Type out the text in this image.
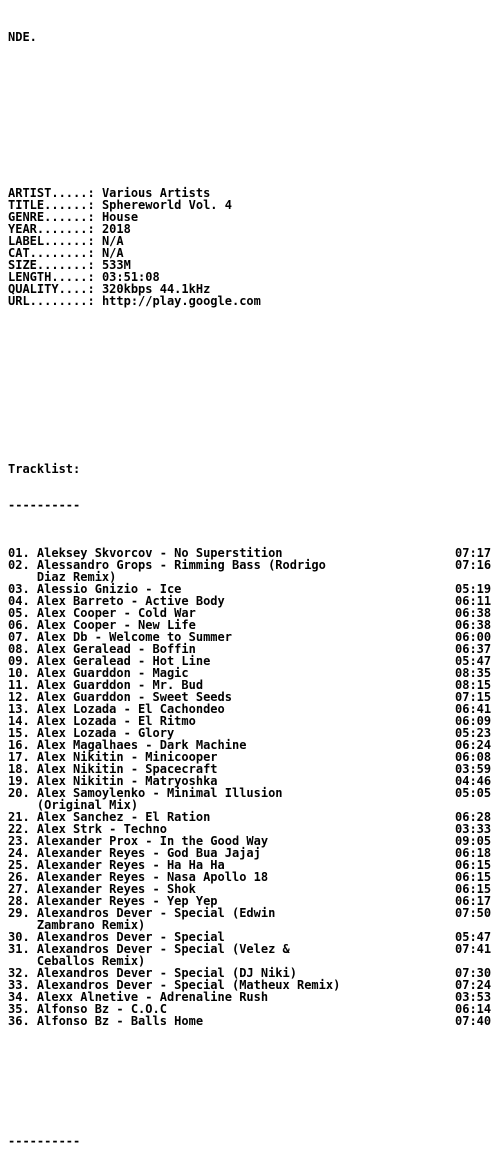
NDE.

ARTIST.....: Various Artists
TITLE......: Sphereworld Vol. 4
GENRE......: House
YEAR.......: 2018
LABEL......: N/A
CAT........: N/A
SIZE.......: 533M
LENGTH.....: 03:51:08
QUALITY....: 320kbps 44.1kHz
URL........: http://play.google.com

Tracklist:

----------

01. Aleksey Skvorcov - No Superstition	07:17
02. Alessandro Grops - Rimming Bass (Rodrigo	07:16
Diaz Remix)
03. Alessio Gnizio - Ice	05:19
04. Alex Barreto - Active Body	06:11
05. Alex Cooper - Cold War	06:38
06. Alex Cooper - New Life	06:38
07. Alex Db - Welcome to Summer	06:00
08. Alex Geralead - Boffin	06:37
09. Alex Geralead - Hot Line	05:47
10. Alex Guarddon - Magic	08:35
11. Alex Guarddon - Mr. Bud	08:15
12. Alex Guarddon - Sweet Seeds	07:15
13. Alex Lozada - El Cachondeo	06:41
14. Alex Lozada - El Ritmo	06:09
15. Alex Lozada - Glory	05:23
16. Alex Magalhaes - Dark Machine	06:24
17. Alex Nikitin - Minicooper	06:08
18. Alex Nikitin - Spacecraft	03:59
19. Alex Nikitin - Matryoshka	04:46
20. Alex Samoylenko - Minimal Illusion	05:05
(Original Mix)
21. Alex Sanchez - El Ration	06:28
22. Alex Strk - Techno	03:33
23. Alexander Prox - In the Good Way	09:05
24. Alexander Reyes - God Bua Jajaj	06:18
25. Alexander Reyes - Ha Ha Ha	06:15
26. Alexander Reyes - Nasa Apollo 18	06:15
27. Alexander Reyes - Shok	06:15
28. Alexander Reyes - Yep Yep	06:17
29. Alexandros Dever - Special (Edwin	07:50
Zambrano Remix)
30. Alexandros Dever - Special	05:47
31. Alexandros Dever - Special (Velez &	07:41
Ceballos Remix)
32. Alexandros Dever - Special (DJ Niki)	07:30
33. Alexandros Dever - Special (Matheux Remix)	07:24
34. Alexx Alnetive - Adrenaline Rush	03:53
35. Alfonso Bz - C.O.C	06:14
36. Alfonso Bz - Balls Home	07:40

----------
